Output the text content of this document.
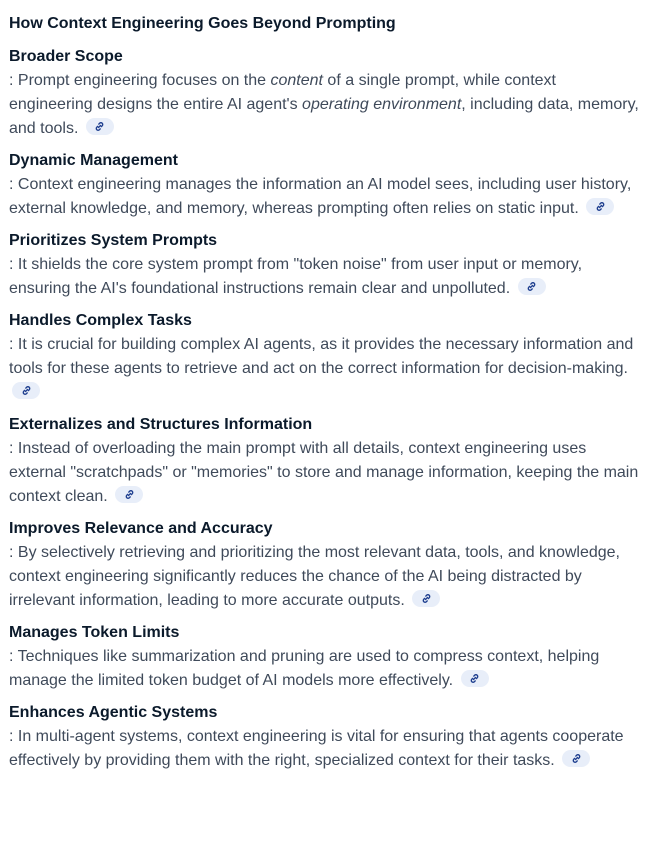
How Context Engineering Goes Beyond Prompting
Broader Scope
: Prompt engineering focuses on the content of a single prompt, while context engineering designs the entire AI agent's operating environment, including data, memory, and tools.
Dynamic Management
: Context engineering manages the information an AI model sees, including user history, external knowledge, and memory, whereas prompting often relies on static input.
Prioritizes System Prompts
: It shields the core system prompt from "token noise" from user input or memory, ensuring the AI's foundational instructions remain clear and unpolluted.
Handles Complex Tasks
: It is crucial for building complex AI agents, as it provides the necessary information and tools for these agents to retrieve and act on the correct information for decision-making.
Externalizes and Structures Information
: Instead of overloading the main prompt with all details, context engineering uses external "scratchpads" or "memories" to store and manage information, keeping the main context clean.
Improves Relevance and Accuracy
: By selectively retrieving and prioritizing the most relevant data, tools, and knowledge, context engineering significantly reduces the chance of the AI being distracted by irrelevant information, leading to more accurate outputs.
Manages Token Limits
: Techniques like summarization and pruning are used to compress context, helping manage the limited token budget of AI models more effectively.
Enhances Agentic Systems
: In multi-agent systems, context engineering is vital for ensuring that agents cooperate effectively by providing them with the right, specialized context for their tasks.
